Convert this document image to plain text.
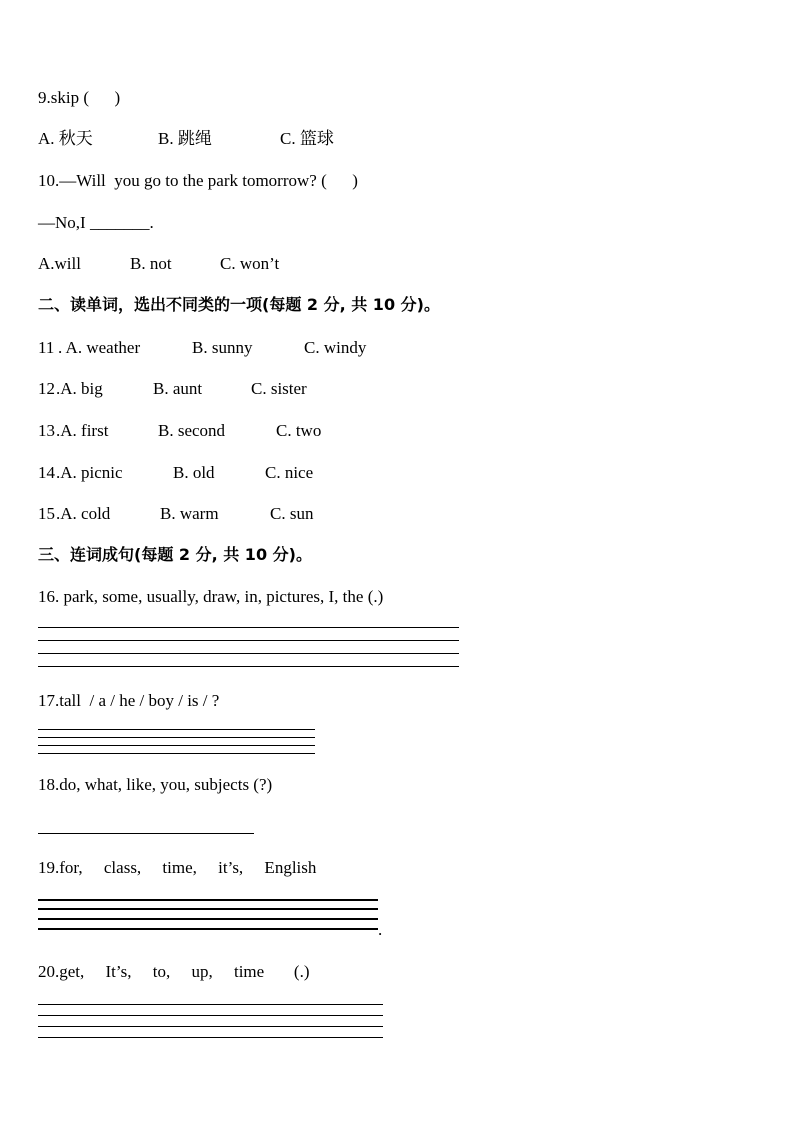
9.skip (      )

A. 秋天

	B. 跳绳

	C. 篮球

10.—Will  you go to the park tomorrow? (      )
—No,I _______.

A.will

	B. not

	C. won’t

二、读单词，选出不同类的一项(每题 2 分, 共 10 分)。

11

. A. weather

	B. sunny

	C. windy

12

.A. big

	B. aunt

	C. sister

13

.A. first

	B. second

	C. two

14

.A. picnic

	B. old

	C. nice

15

.A. cold

	B. warm

	C. sun

三、连词成句(每题 2 分, 共 10 分)。
16. park, some, usually, draw, in, pictures, I, the (.)
17.tall  / a / he / boy / is / ?
18.do, what, like, you, subjects (?)
19.for,     class,     time,     it’s,     English
.
20.get,     It’s,     to,     up,     time       (.)
